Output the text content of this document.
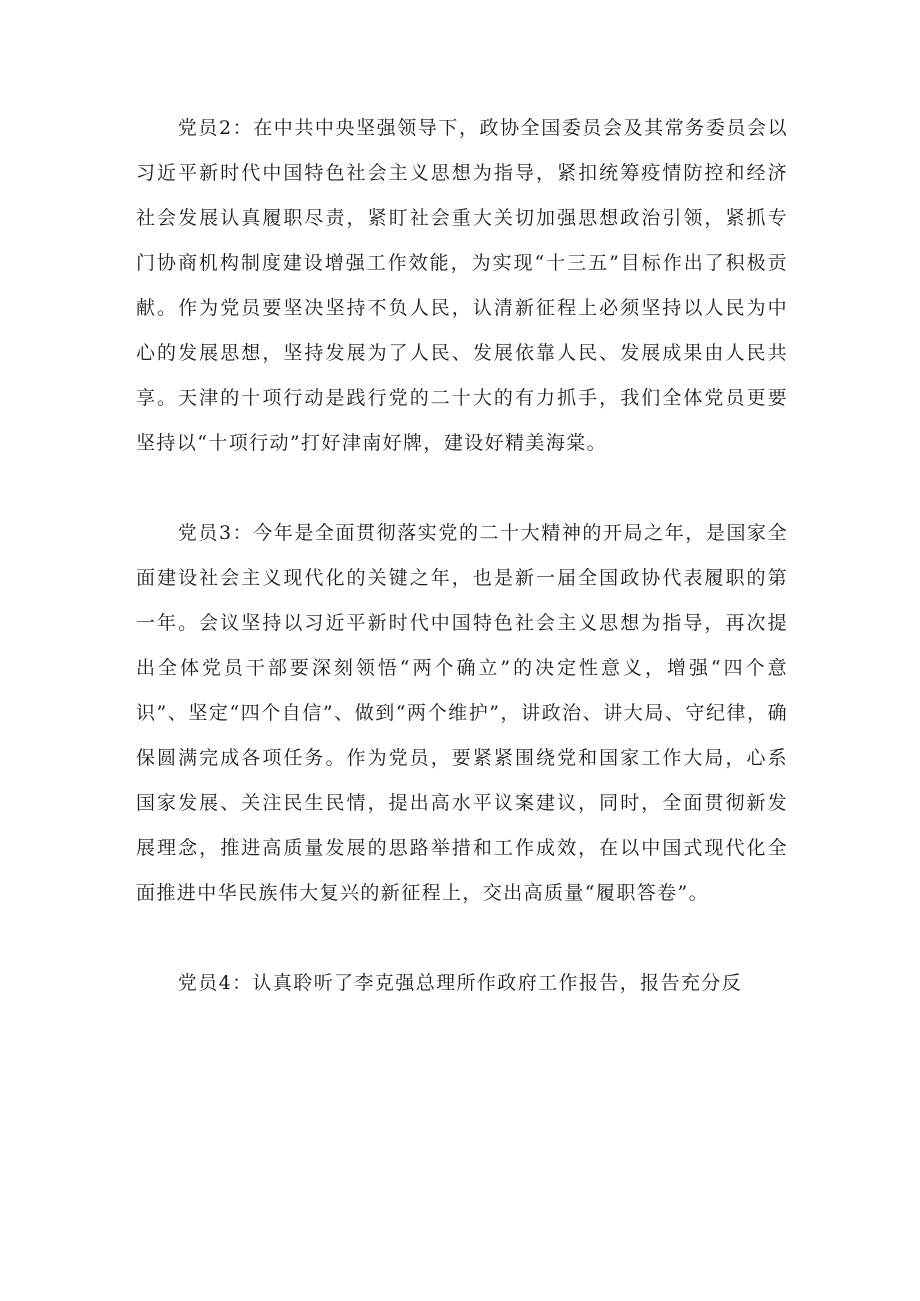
党员2：在中共中央坚强领导下，政协全国委员会及其常务委员会以习近平新时代中国特色社会主义思想为指导，紧扣统筹疫情防控和经济社会发展认真履职尽责，紧盯社会重大关切加强思想政治引领，紧抓专门协商机构制度建设增强工作效能，为实现“十三五”目标作出了积极贡献。作为党员要坚决坚持不负人民，认清新征程上必须坚持以人民为中心的发展思想，坚持发展为了人民、发展依靠人民、发展成果由人民共享。天津的十项行动是践行党的二十大的有力抓手，我们全体党员更要坚持以“十项行动”打好津南好牌，建设好精美海棠。

党员3：今年是全面贯彻落实党的二十大精神的开局之年，是国家全面建设社会主义现代化的关键之年，也是新一届全国政协代表履职的第一年。会议坚持以习近平新时代中国特色社会主义思想为指导，再次提出全体党员干部要深刻领悟“两个确立”的决定性意义，增强“四个意识”、坚定“四个自信”、做到“两个维护”，讲政治、讲大局、守纪律，确保圆满完成各项任务。作为党员，要紧紧围绕党和国家工作大局，心系国家发展、关注民生民情，提出高水平议案建议，同时，全面贯彻新发展理念，推进高质量发展的思路举措和工作成效，在以中国式现代化全面推进中华民族伟大复兴的新征程上，交出高质量“履职答卷”。

党员4：认真聆听了李克强总理所作政府工作报告，报告充分反
